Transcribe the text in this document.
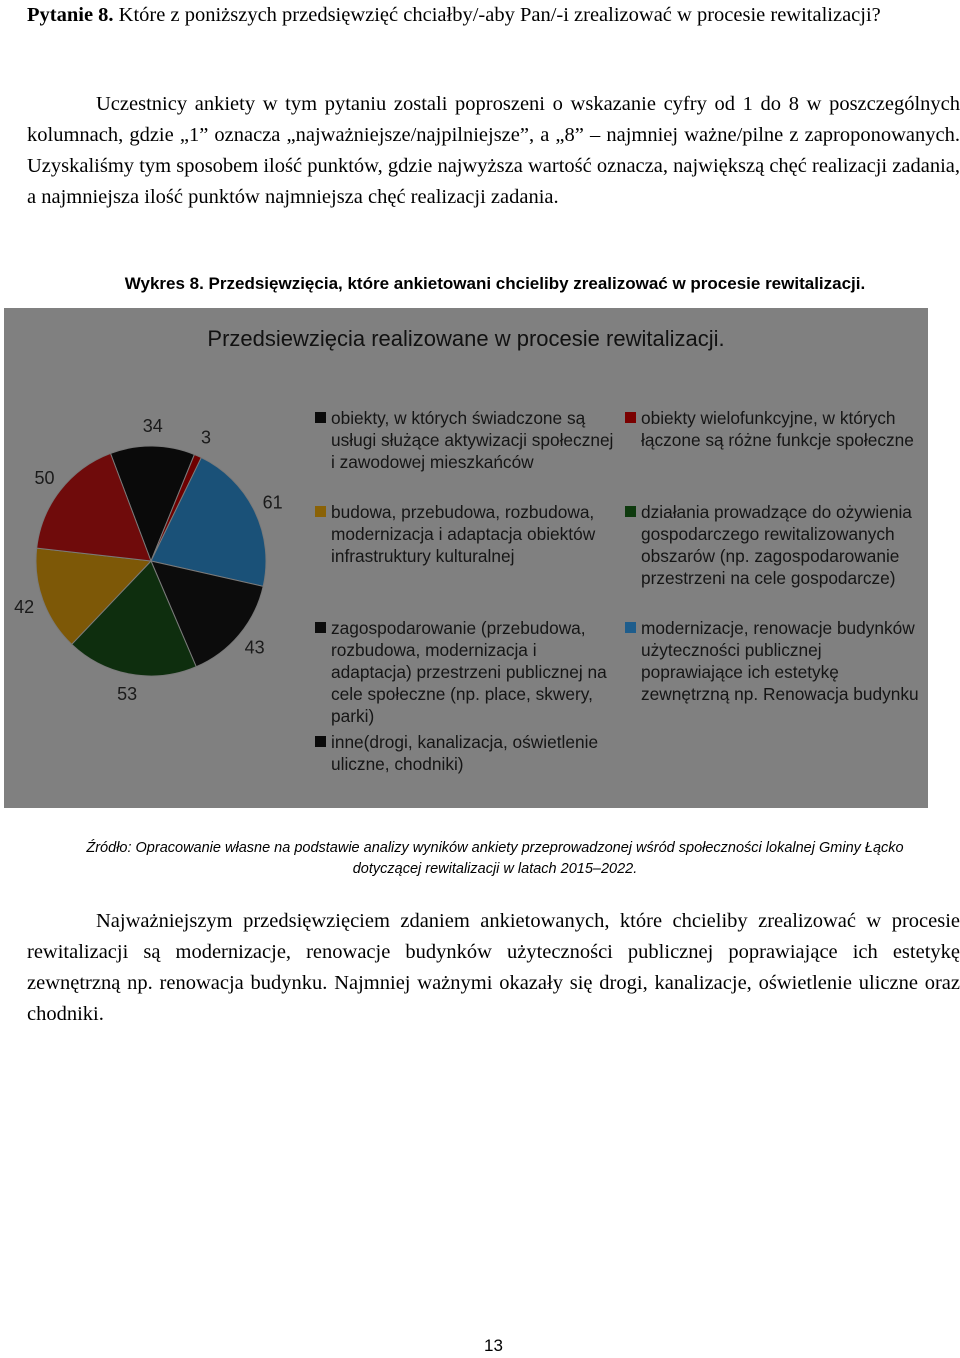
Pytanie 8. Które z poniższych przedsięwzięć chciałby/-aby Pan/-i zrealizować w procesie rewitalizacji?

Uczestnicy ankiety w tym pytaniu zostali poproszeni o wskazanie cyfry od 1 do 8 w poszczególnych kolumnach, gdzie „1” oznacza „najważniejsze/najpilniejsze”, a „8” – najmniej ważne/pilne z zaproponowanych. Uzyskaliśmy tym sposobem ilość punktów, gdzie najwyższa wartość oznacza, największą chęć realizacji zadania, a najmniejsza ilość punktów najmniejsza chęć realizacji zadania.

Wykres 8. Przedsięwzięcia, które ankietowani chcieliby zrealizować w procesie rewitalizacji.
34
3
61
43
53
42
50
Przedsiewzięcia realizowane w procesie rewitalizacji.
obiekty, w których świadczone są usługi służące aktywizacji społecznej i zawodowej mieszkańców
obiekty wielofunkcyjne, w których łączone są różne funkcje społeczne
budowa, przebudowa, rozbudowa, modernizacja i adaptacja obiektów infrastruktury kulturalnej
działania prowadzące do ożywienia gospodarczego rewitalizowanych obszarów (np. zagospodarowanie przestrzeni na cele gospodarcze)
zagospodarowanie (przebudowa, rozbudowa, modernizacja i adaptacja) przestrzeni publicznej na cele społeczne (np. place, skwery, parki)
modernizacje, renowacje budynków użyteczności publicznej poprawiające ich estetykę zewnętrzną np. Renowacja budynku
inne(drogi, kanalizacja, oświetlenie uliczne, chodniki)
Źródło: Opracowanie własne na podstawie analizy wyników ankiety przeprowadzonej wśród społeczności lokalnej Gminy Łącko
dotyczącej rewitalizacji w latach 2015–2022.

Najważniejszym przedsięwzięciem zdaniem ankietowanych, które chcieliby zrealizować w procesie rewitalizacji są modernizacje, renowacje budynków użyteczności publicznej poprawiające ich estetykę zewnętrzną np. renowacja budynku. Najmniej ważnymi okazały się drogi, kanalizacje, oświetlenie uliczne oraz chodniki.

13
